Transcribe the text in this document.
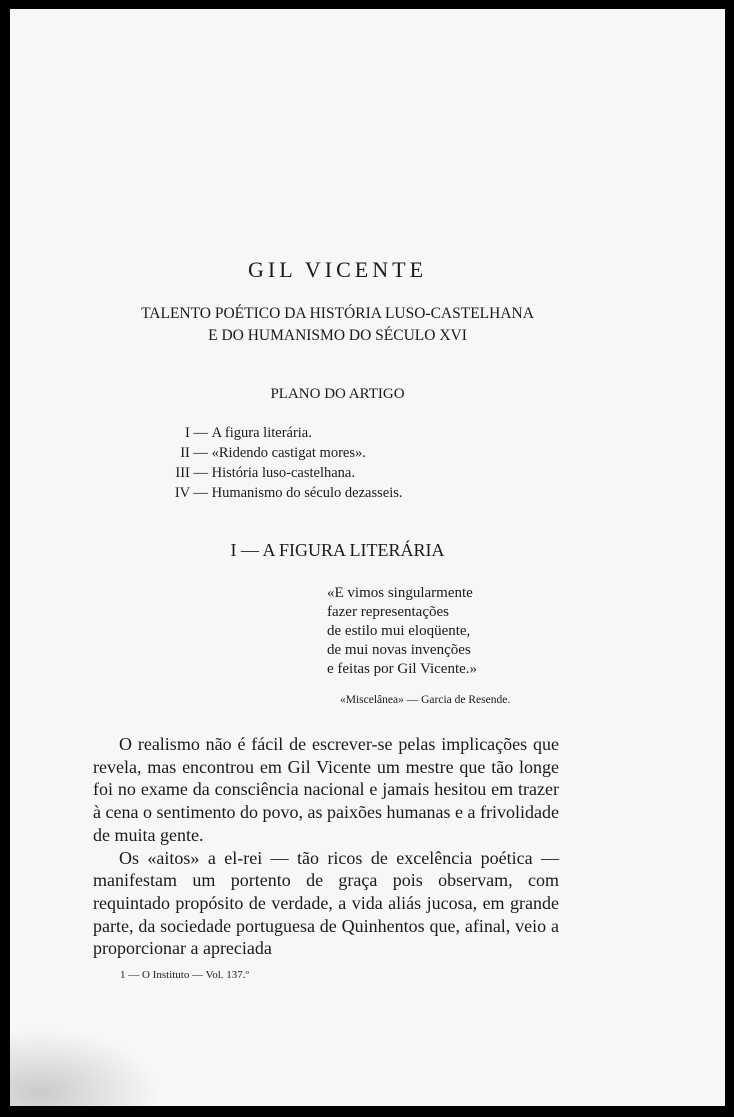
GIL VICENTE
TALENTO POÉTICO DA HISTÓRIA LUSO-CASTELHANA
E DO HUMANISMO DO SÉCULO XVI
PLANO DO ARTIGO
I —
A figura literária.
II —
«Ridendo castigat mores».
III —
História luso-castelhana.
IV —
Humanismo do século dezasseis.
I — A FIGURA LITERÁRIA
«E vimos singularmente
fazer representações
de estilo mui eloqüente,
de mui novas invenções
e feitas por Gil Vicente.»
«Miscelânea» — Garcia de Resende.

O realismo não é fácil de escrever-se pelas implicações que revela, mas encontrou em Gil Vicente um mestre que tão longe foi no exame da consciência nacional e jamais hesitou em trazer à cena o sentimento do povo, as paixões humanas e a frivolidade de muita gente.

Os «aitos» a el-rei — tão ricos de excelência poética — manifestam um portento de graça pois observam, com requintado propósito de verdade, a vida aliás jucosa, em grande parte, da sociedade portuguesa de Quinhentos que, afinal, veio a proporcionar a apreciada

1 — O Instituto — Vol. 137.º
